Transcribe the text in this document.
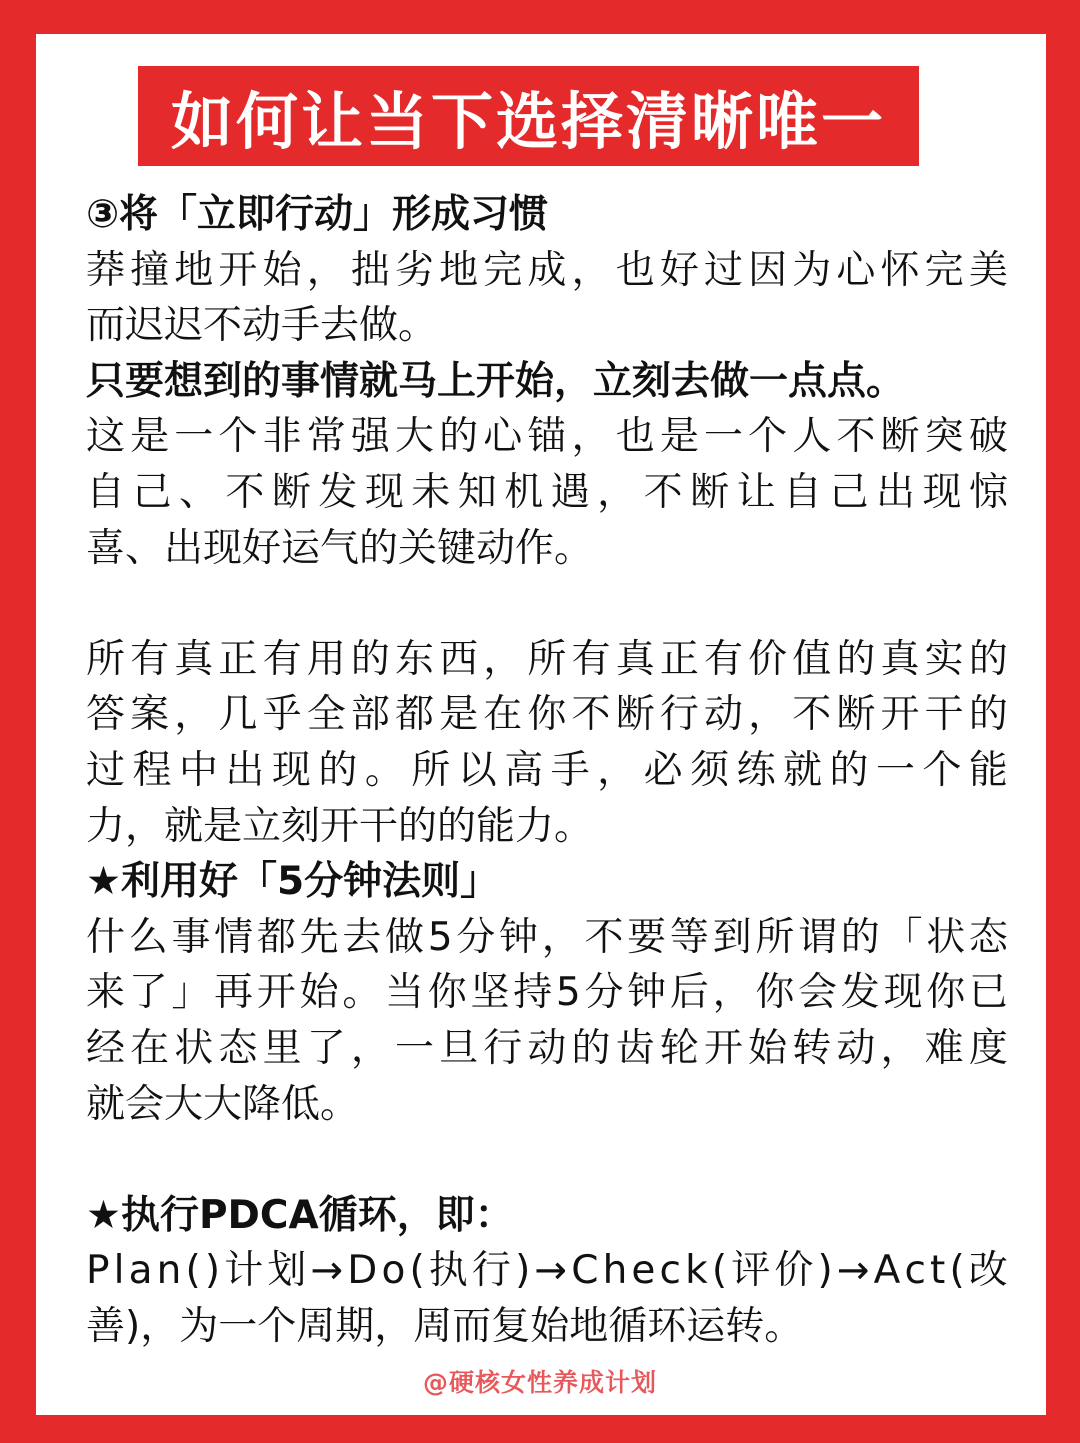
如何让当下选择清晰唯一
③将「立即行动」形成习惯
莽 撞 地 开 始 ， 拙 劣 地 完 成 ， 也 好 过 因 为 心 怀 完 美
而迟迟不动手去做。
只要想到的事情就马上开始，立刻去做一点点。
这 是 一 个 非 常 强 大 的 心 锚 ， 也 是 一 个 人 不 断 突 破
自 己 、 不 断 发 现 未 知 机 遇 ， 不 断 让 自 己 出 现 惊
喜、出现好运气的关键动作。
所 有 真 正 有 用 的 东 西 ， 所 有 真 正 有 价 值 的 真 实 的
答 案 ， 几 乎 全 部 都 是 在 你 不 断 行 动 ， 不 断 开 干 的
过 程 中 出 现 的 。 所 以 高 手 ， 必 须 练 就 的 一 个 能
力，就是立刻开干的的能力。
★利用好「5分钟法则」
什 么 事 情 都 先 去 做 5 分 钟 ， 不 要 等 到 所 谓 的 「 状 态
来 了 」 再 开 始 。 当 你 坚 持 5 分 钟 后 ， 你 会 发 现 你 已
经 在 状 态 里 了 ， 一 旦 行 动 的 齿 轮 开 始 转 动 ， 难 度
就会大大降低。
★执行PDCA循环，即：
P l a n ( ) 计 划 → D o ( 执 行 ) → C h e c k ( 评 价 ) → A c t ( 改
善)，为一个周期，周而复始地循环运转。
@硬核女性养成计划
